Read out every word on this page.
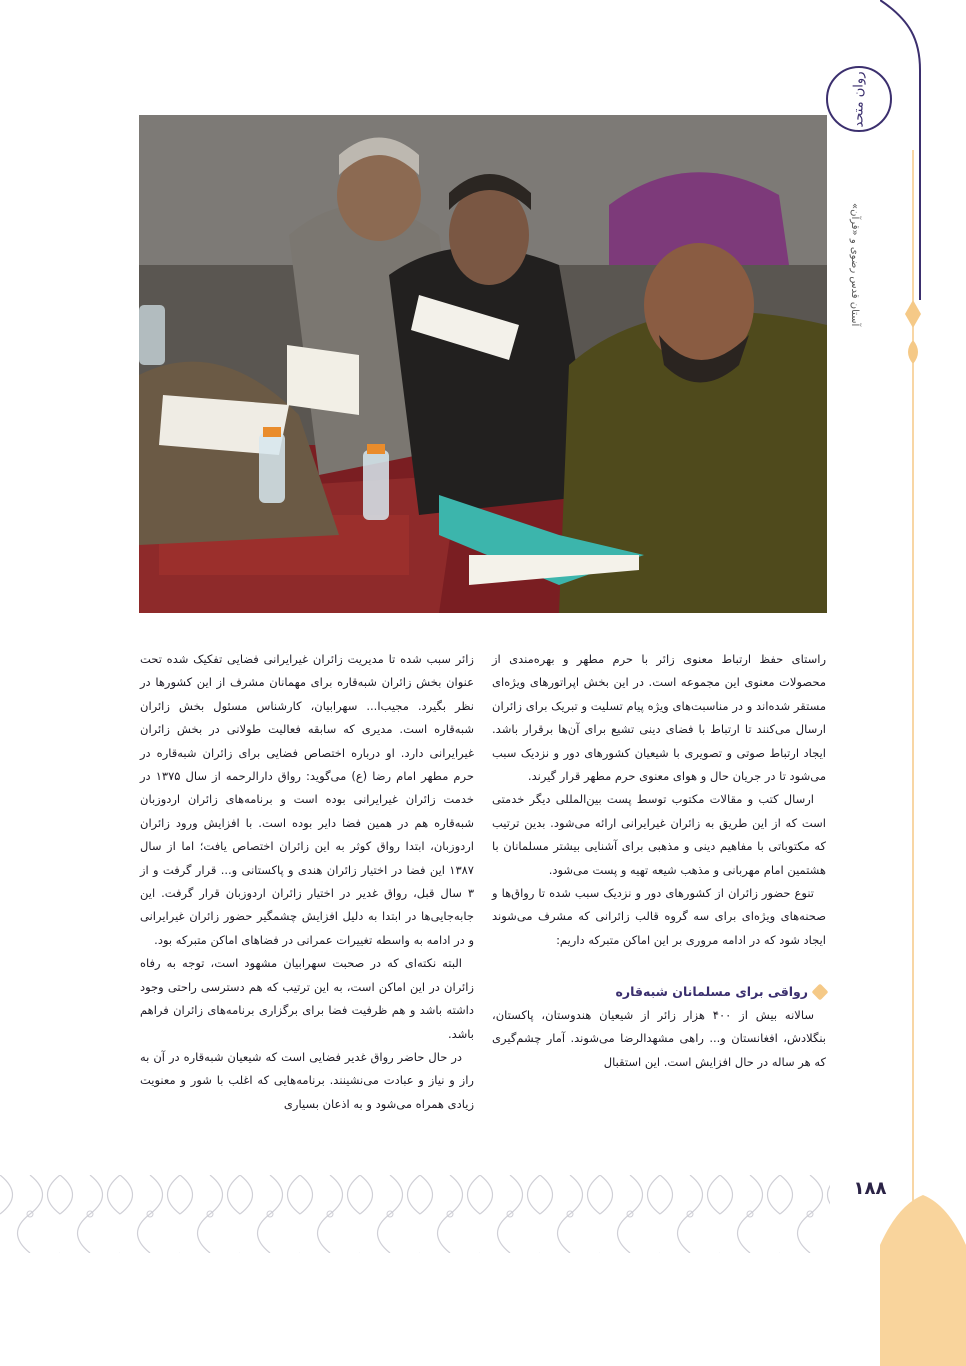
روان متحد
آستان قدس رضوی و «قرآن»

راستای حفظ ارتباط معنوی زائر با حرم مطهر و بهره‌مندی از محصولات معنوی این مجموعه است. در این بخش اپراتورهای ویژه‌ای مستقر شده‌اند و در مناسبت‌های ویژه پیام تسلیت و تبریک برای زائران ارسال می‌کنند تا ارتباط با فضای دینی تشیع برای آن‌ها برقرار باشد. ایجاد ارتباط صوتی و تصویری با شیعیان کشورهای دور و نزدیک سبب می‌شود تا در جریان حال و هوای معنوی حرم مطهر قرار گیرند.

ارسال کتب و مقالات مکتوب توسط پست بین‌المللی دیگر خدمتی است که از این طریق به زائران غیرایرانی ارائه می‌شود. بدین ترتیب که مکتوباتی با مفاهیم دینی و مذهبی برای آشنایی بیشتر مسلمانان با هشتمین امام مهربانی و مذهب شیعه تهیه و پست می‌شود.

تنوع حضور زائران از کشورهای دور و نزدیک سبب شده تا رواق‌ها و صحنه‌های ویژه‌ای برای سه گروه قالب زائرانی که مشرف می‌شوند ایجاد شود که در ادامه مروری بر این اماکن متبرکه داریم:

رواقی برای مسلمانان شبه‌قاره

سالانه بیش از ۴۰۰ هزار زائر از شیعیان هندوستان، پاکستان، بنگلادش، افغانستان و... راهی مشهدالرضا می‌شوند. آمار چشم‌گیری که هر ساله در حال افزایش است. این استقبال

زائر سبب شده تا مدیریت زائران غیرایرانی فضایی تفکیک شده تحت عنوان بخش زائران شبه‌قاره برای مهمانان مشرف از این کشورها در نظر بگیرد. مجیب‌ا... سهرابیان، کارشناس مسئول بخش زائران شبه‌قاره است. مدیری که سابقه فعالیت طولانی در بخش زائران غیرایرانی دارد. او درباره اختصاص فضایی برای زائران شبه‌قاره در حرم مطهر امام رضا (ع) می‌گوید: رواق دارالرحمه از سال ۱۳۷۵ در خدمت زائران غیرایرانی بوده است و برنامه‌های زائران اردوزبان شبه‌قاره هم در همین فضا دایر بوده است. با افزایش ورود زائران اردوزبان، ابتدا رواق کوثر به این زائران اختصاص یافت؛ اما از سال ۱۳۸۷ این فضا در اختیار زائران هندی و پاکستانی و... قرار گرفت و از ۳ سال قبل، رواق غدیر در اختیار زائران اردوزبان قرار گرفت. این جابه‌جایی‌ها در ابتدا به دلیل افزایش چشمگیر حضور زائران غیرایرانی و در ادامه به واسطه تغییرات عمرانی در فضاهای اماکن متبرکه بود.

البته نکته‌ای که در صحبت سهرابیان مشهود است، توجه به رفاه زائران در این اماکن است، به این ترتیب که هم دسترسی راحتی وجود داشته باشد و هم ظرفیت فضا برای برگزاری برنامه‌های زائران فراهم باشد.

در حال حاضر رواق غدیر فضایی است که شیعیان شبه‌قاره در آن به راز و نیاز و عبادت می‌نشینند. برنامه‌هایی که اغلب با شور و معنویت زیادی همراه می‌شود و به اذعان بسیاری

۱۸۸
